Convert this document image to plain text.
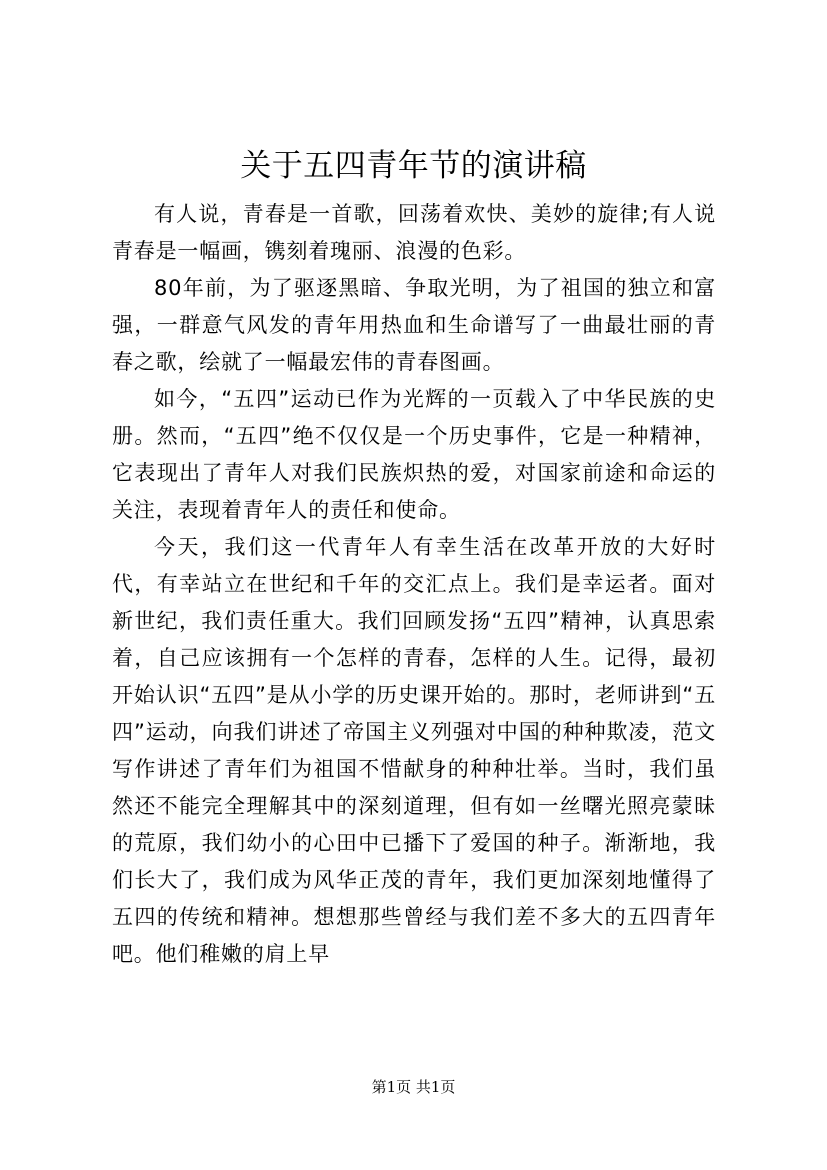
关于五四青年节的演讲稿

有人说，青春是一首歌，回荡着欢快、美妙的旋律;有人说青春是一幅画，镌刻着瑰丽、浪漫的色彩。

80年前，为了驱逐黑暗、争取光明，为了祖国的独立和富强，一群意气风发的青年用热血和生命谱写了一曲最壮丽的青春之歌，绘就了一幅最宏伟的青春图画。

如今，“五四”运动已作为光辉的一页载入了中华民族的史册。然而，“五四”绝不仅仅是一个历史事件，它是一种精神，它表现出了青年人对我们民族炽热的爱，对国家前途和命运的关注，表现着青年人的责任和使命。

今天，我们这一代青年人有幸生活在改革开放的大好时代，有幸站立在世纪和千年的交汇点上。我们是幸运者。面对新世纪，我们责任重大。我们回顾发扬“五四”精神，认真思索着，自己应该拥有一个怎样的青春，怎样的人生。记得，最初开始认识“五四”是从小学的历史课开始的。那时，老师讲到“五四”运动，向我们讲述了帝国主义列强对中国的种种欺凌，范文写作讲述了青年们为祖国不惜献身的种种壮举。当时，我们虽然还不能完全理解其中的深刻道理，但有如一丝曙光照亮蒙昧的荒原，我们幼小的心田中已播下了爱国的种子。渐渐地，我们长大了，我们成为风华正茂的青年，我们更加深刻地懂得了五四的传统和精神。想想那些曾经与我们差不多大的五四青年吧。他们稚嫩的肩上早

第1页 共1页
